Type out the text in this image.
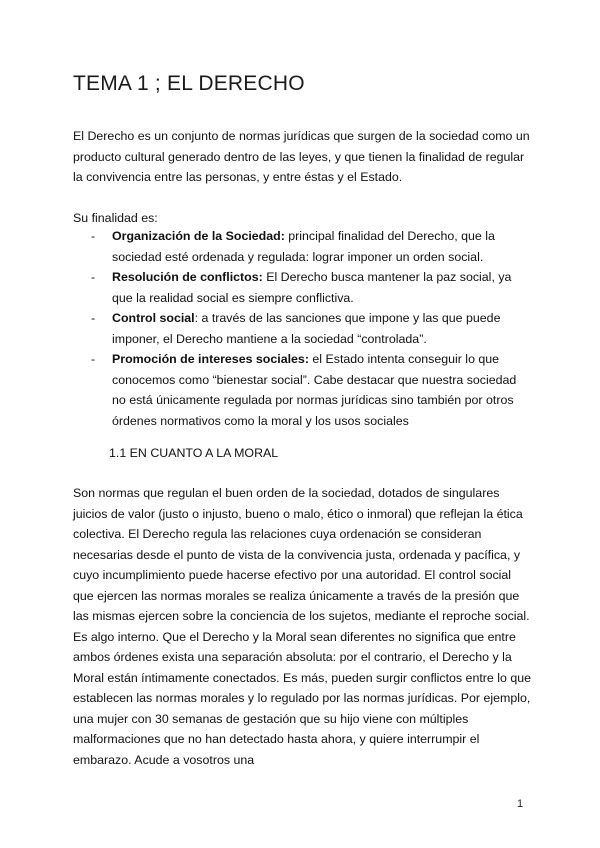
TEMA 1 ; EL DERECHO

El Derecho es un conjunto de normas jurídicas que surgen de la sociedad como un producto cultural generado dentro de las leyes, y que tienen la finalidad de regular la convivencia entre las personas, y entre éstas y el Estado.

Su finalidad es:

- Organización de la Sociedad: principal finalidad del Derecho, que la sociedad esté ordenada y regulada: lograr imponer un orden social.
- Resolución de conflictos: El Derecho busca mantener la paz social, ya que la realidad social es siempre conflictiva.
- Control social: a través de las sanciones que impone y las que puede imponer, el Derecho mantiene a la sociedad “controlada”.
- Promoción de intereses sociales: el Estado intenta conseguir lo que conocemos como “bienestar social”. Cabe destacar que nuestra sociedad no está únicamente regulada por normas jurídicas sino también por otros órdenes normativos como la moral y los usos sociales

1.1 EN CUANTO A LA MORAL

Son normas que regulan el buen orden de la sociedad, dotados de singulares juicios de valor (justo o injusto, bueno o malo, ético o inmoral) que reflejan la ética colectiva. El Derecho regula las relaciones cuya ordenación se consideran necesarias desde el punto de vista de la convivencia justa, ordenada y pacífica, y cuyo incumplimiento puede hacerse efectivo por una autoridad. El control social que ejercen las normas morales se realiza únicamente a través de la presión que las mismas ejercen sobre la conciencia de los sujetos, mediante el reproche social. Es algo interno. Que el Derecho y la Moral sean diferentes no significa que entre ambos órdenes exista una separación absoluta: por el contrario, el Derecho y la Moral están íntimamente conectados. Es más, pueden surgir conflictos entre lo que establecen las normas morales y lo regulado por las normas jurídicas. Por ejemplo, una mujer con 30 semanas de gestación que su hijo viene con múltiples malformaciones que no han detectado hasta ahora, y quiere interrumpir el embarazo. Acude a vosotros una

1
